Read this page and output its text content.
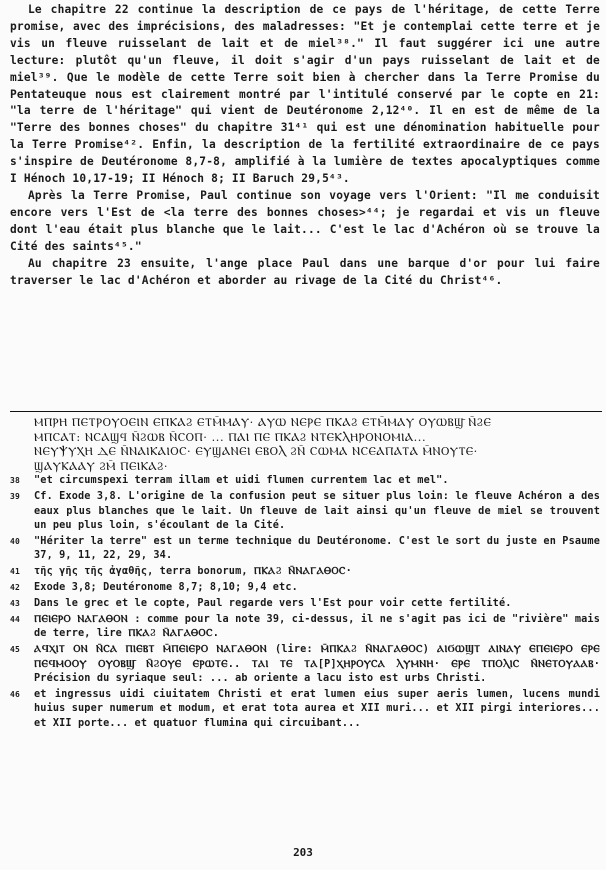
Le chapitre 22 continue la description de ce pays de l'héritage, de cette Terre promise, avec des imprécisions, des maladresses: "Et je contemplai cette terre et je vis un fleuve ruisselant de lait et de miel³⁸." Il faut suggérer ici une autre lecture: plutôt qu'un fleuve, il doit s'agir d'un pays ruisselant de lait et de miel³⁹. Que le modèle de cette Terre soit bien à chercher dans la Terre Promise du Pentateuque nous est clairement montré par l'intitulé conservé par le copte en 21: "la terre de l'héritage" qui vient de Deutéronome 2,12⁴⁰. Il en est de même de la "Terre des bonnes choses" du chapitre 31⁴¹ qui est une dénomination habituelle pour la Terre Promise⁴². Enfin, la description de la fertilité extraordinaire de ce pays s'inspire de Deutéronome 8,7-8, amplifié à la lumière de textes apocalyptiques comme I Hénoch 10,17-19; II Hénoch 8; II Baruch 29,5⁴³.

Après la Terre Promise, Paul continue son voyage vers l'Orient: "Il me conduisit encore vers l'Est de <la terre des bonnes choses>⁴⁴; je regardai et vis un fleuve dont l'eau était plus blanche que le lait... C'est le lac d'Achéron où se trouve la Cité des saints⁴⁵."

Au chapitre 23 ensuite, l'ange place Paul dans une barque d'or pour lui faire traverser le lac d'Achéron et aborder au rivage de la Cité du Christ⁴⁶.

ⲘⲠⲢⲎ ⲠⲈⲦⲢⲞⲨⲞⲈⲒⲚ ⲈⲠⲔⲀϨ ⲈⲦⲘ̄ⲘⲀⲨ· ⲀⲨⲰ ⲚⲈⲢⲈ ⲠⲔⲀϨ ⲈⲦⲘ̄ⲘⲀⲨ ⲞⲨⲰⲂϢ̄ Ⲛ̄ϨⲈ
ⲘⲠⲤⲀⲦ: ⲚⲤⲀϢϤ Ⲛ̄ϨⲰⲂ Ⲛ̄ⲤⲞⲠ· ... ⲠⲀⲒ ⲠⲈ ⲠⲔⲀϨ ⲚⲦⲈⲔⲖⲎⲢⲞⲚⲞⲘⲒⲀ...
ⲚⲈⲨⲮⲨⲬⲎ ⲆⲈ Ⲛ̄ⲚⲀⲒⲔⲀⲒⲞⲤ· ⲈⲨϢⲀⲚⲈⲒ ⲈⲂⲞⲖ ϨⲚ̄ ⲤⲰⲘⲀ ⲚⲤⲈⲀⲠⲀⲦⲀ Ⲙ̄ⲚⲞⲨⲦⲈ·
ϢⲀⲨⲔⲀⲀⲨ ϨⲘ̄ ⲠⲈⲒⲔⲀϨ·
38	"et circumspexi terram illam et uidi flumen currentem lac et mel".
39	Cf. Exode 3,8. L'origine de la confusion peut se situer plus loin: le fleuve Achéron a des eaux plus blanches que le lait. Un fleuve de lait ainsi qu'un fleuve de miel se trouvent un peu plus loin, s'écoulant de la Cité.
40	"Hériter la terre" est un terme technique du Deutéronome. C'est le sort du juste en Psaume 37, 9, 11, 22, 29, 34.
41	τῆς γῆς τῆς ἀγαθῆς, terra bonorum, ⲠⲔⲀϨ Ⲛ̄ⲚⲀⲄⲀⲐⲞⲤ·
42	Exode 3,8; Deutéronome 8,7; 8,10; 9,4 etc.
43	Dans le grec et le copte, Paul regarde vers l'Est pour voir cette fertilité.
44	ⲠⲈⲒⲈⲢⲞ ⲚⲀⲄⲀⲐⲞⲚ : comme pour la note 39, ci-dessus, il ne s'agit pas ici de "rivière" mais de terre, lire ⲠⲔⲀϨ Ⲛ̄ⲀⲄⲀⲐⲞⲤ.
45	ⲀϤⲬⲒⲦ ⲞⲚ Ⲛ̄ⲤⲀ ⲠⲒⲈⲂⲦ Ⲙ̄ⲠⲈⲒⲈⲢⲞ ⲚⲀⲄⲀⲐⲞⲚ (lire: Ⲙ̄ⲠⲔⲀϨ Ⲛ̄ⲚⲀⲄⲀⲐⲞⲤ) ⲀⲒϬⲰϢⲦ ⲀⲒⲚⲀⲨ ⲈⲠⲈⲒⲈⲢⲞ ⲈⲢⲈ ⲠⲈϤⲘⲞⲞⲨ ⲞⲨⲞⲂϢ̄ Ⲛ̄ϨⲞⲨⲈ ⲈⲢⲰⲦⲈ.. ⲦⲀⲒ ⲦⲈ ⲦⲀ[Ρ]ⲬⲎⲢⲞⲨⲤⲀ ⲖⲨⲘⲚⲎ· ⲈⲢⲈ ⲦⲠⲞⲖⲒⲤ Ⲛ̄ⲚⲈⲦⲞⲨⲀⲀⲂ· Précision du syriaque seul: ... ab oriente a lacu isto est urbs Christi.
46	et ingressus uidi ciuitatem Christi et erat lumen eius super aeris lumen, lucens mundi huius super numerum et modum, et erat tota aurea et XII muri... et XII pirgi interiores... et XII porte... et quatuor flumina qui circuibant...
203
